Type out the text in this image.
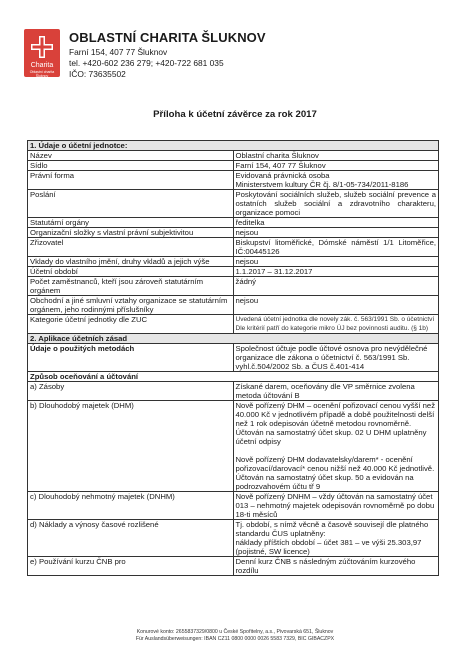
Charita
Oblastní charita Šluknov
OBLASTNÍ CHARITA ŠLUKNOV
Farní 154, 407 77 Šluknov
tel. +420-602 236 279; +420-722 681 035
IČO: 73635502
Příloha k účetní závěrce za rok 2017
1. Údaje o účetní jednotce:	
Název	Oblastní charita Šluknov
Sídlo	Farní 154, 407 77 Šluknov
Právní forma	Evidovaná právnická osoba
Ministerstvem kultury ČR čj. 8/1-05-734/2011-8186
Poslání	Poskytování sociálních služeb, služeb sociální prevence a ostatních služeb sociální a zdravotního charakteru, organizace pomoci
Statutární orgány	ředitelka
Organizační složky s vlastní právní subjektivitou	nejsou
Zřizovatel	Biskupství litoměřické, Dómské náměstí 1/1 Litoměřice, IČ:00445126
Vklady do vlastního jmění, druhy vkladů a jejich výše	nejsou
Účetní období	1.1.2017 – 31.12.2017
Počet zaměstnanců, kteří jsou zároveň statutárním orgánem	žádný
Obchodní a jiné smluvní vztahy organizace se statutárním orgánem, jeho rodinnými příslušníky	nejsou
Kategorie účetní jednotky dle ZUC	Uvedená účetní jednotka dle novely zák. č. 563/1991 Sb. o účetnictví Dle kritérií patří do kategorie mikro ÚJ bez povinnosti auditu. (§ 1b)
2. Aplikace účetních zásad	
Údaje o použitých metodách	Společnost účtuje podle účtové osnova pro nevýdělečné organizace dle zákona o účetnictví č. 563/1991 Sb. vyhl.č.504/2002 Sb. a ČUS č.401-414
Způsob oceňování a účtování	
a) Zásoby	Získané darem, oceňovány dle VP směrnice zvolena metoda účtování B
b) Dlouhodobý majetek (DHM)	Nově pořízený DHM – ocenění pořizovací cenou vyšší než 40.000 Kč v jednotlivém případě a době použitelnosti delší než 1 rok odepisován účetně metodou rovnoměrně. Účtován na samostatný účet skup. 02 U DHM uplatněny účetní odpisy

Nově pořízený DHM dodavatelsky/darem* - ocenění pořizovací/darovací* cenou nižší než 40.000 Kč jednotlivě. Účtován na samostatný účet skup. 50 a evidován na podrozvahovém účtu tř 9
c) Dlouhodobý nehmotný majetek (DNHM)	Nově pořízený DNHM – vždy účtován na samostatný účet 013 – nehmotný majetek odepisován rovnoměrně po dobu 18-ti měsíců
d) Náklady a výnosy časové rozlišené	Tj. období, s nímž věcně a časově souvisejí dle platného standardu ČUS uplatněny:
náklady příštích období – účet 381 – ve výši 25.303,97
(pojistné, SW licence)
e) Používání kurzu ČNB pro	Denní kurz ČNB s následným zúčtováním kurzového rozdílu
Konurové konto: 2655837329/0800 u České Spořitelny, a.s., Pivovarská 651, Šluknov
Für Auslandsüberweisungen: IBAN CZ11 0800 0000 0026 5583 7329, BIC GIBACZPX
